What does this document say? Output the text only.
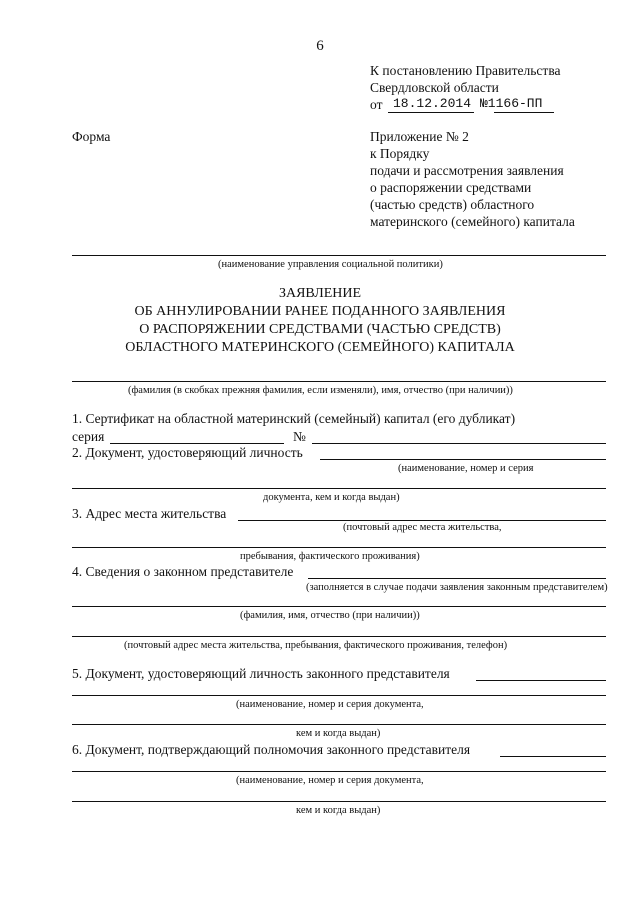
6
К постановлению Правительства
Свердловской области
от 18.12.2014 №1166-ПП
Форма	Приложение № 2
к Порядку
подачи и рассмотрения заявления
о распоряжении средствами
(частью средств) областного
материнского (семейного) капитала
(наименование управления социальной политики)
ЗАЯВЛЕНИЕ
ОБ АННУЛИРОВАНИИ РАНЕЕ ПОДАННОГО ЗАЯВЛЕНИЯ
О РАСПОРЯЖЕНИИ СРЕДСТВАМИ (ЧАСТЬЮ СРЕДСТВ)
ОБЛАСТНОГО МАТЕРИНСКОГО (СЕМЕЙНОГО) КАПИТАЛА
(фамилия (в скобках прежняя фамилия, если изменяли), имя, отчество (при наличии))
1. Сертификат на областной материнский (семейный) капитал (его дубликат)
серия	№
2. Документ, удостоверяющий личность
(наименование, номер и серия
документа, кем и когда выдан)
3. Адрес места жительства
(почтовый адрес места жительства,
пребывания, фактического проживания)
4. Сведения о законном представителе
(заполняется в случае подачи заявления законным представителем)
(фамилия, имя, отчество (при наличии))
(почтовый адрес места жительства, пребывания, фактического проживания, телефон)
5. Документ, удостоверяющий личность законного представителя
(наименование, номер и серия документа,
кем и когда выдан)
6. Документ, подтверждающий полномочия законного представителя
(наименование, номер и серия документа,
кем и когда выдан)
